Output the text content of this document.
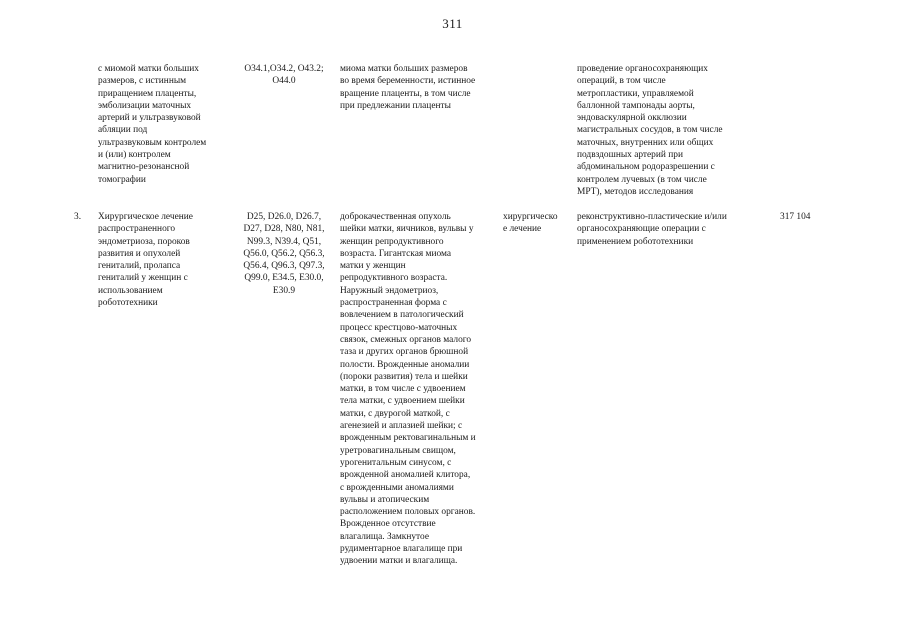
311
с миомой матки больших
размеров, с истинным
приращением плаценты,
эмболизации маточных
артерий и ультразвуковой
абляции под
ультразвуковым контролем
и (или) контролем
магнитно-резонансной
томографии
O34.1,O34.2, O43.2;
O44.0
миома матки больших размеров
во время беременности, истинное
вращение плаценты, в том числе
при предлежании плаценты
проведение органосохраняющих
операций, в том числе
метропластики, управляемой
баллонной тампонады аорты,
эндоваскулярной окклюзии
магистральных сосудов, в том числе
маточных, внутренних или общих
подвздошных артерий при
абдоминальном родоразрешении с
контролем лучевых (в том числе
МРТ), методов исследования
3.	Хирургическое лечение
распространенного
эндометриоза, пороков
развития и опухолей
гениталий, пролапса
гениталий у женщин с
использованием
робототехники
D25, D26.0, D26.7,
D27, D28, N80, N81,
N99.3, N39.4, Q51,
Q56.0, Q56.2, Q56.3,
Q56.4, Q96.3, Q97.3,
Q99.0, E34.5, E30.0,
E30.9
доброкачественная опухоль
шейки матки, яичников, вульвы у
женщин репродуктивного
возраста. Гигантская миома
матки у женщин
репродуктивного возраста.
Наружный эндометриоз,
распространенная форма с
вовлечением в патологический
процесс крестцово-маточных
связок, смежных органов малого
таза и других органов брюшной
полости. Врожденные аномалии
(пороки развития) тела и шейки
матки, в том числе с удвоением
тела матки, с удвоением шейки
матки, с двурогой маткой, с
агенезией и аплазией шейки; с
врожденным ректовагинальным и
уретровагинальным свищом,
урогенитальным синусом, с
врожденной аномалией клитора,
с врожденными аномалиями
вульвы и атопическим
расположением половых органов.
Врожденное отсутствие
влагалища. Замкнутое
рудиментарное влагалище при
удвоении матки и влагалища.
хирургическо
е лечение
реконструктивно-пластические и/или
органосохраняющие операции с
применением робототехники
317 104
